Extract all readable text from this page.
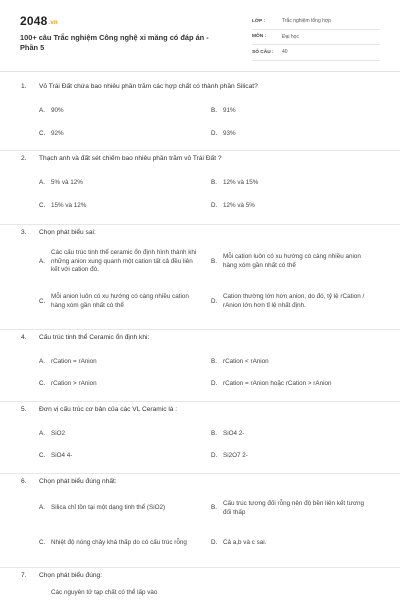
2048.vn
100+ câu Trắc nghiệm Công nghệ xi măng có đáp án - Phần 5
LỚP :	Trắc nghiệm tổng hợp
MÔN :	Đại học
SỐ CÂU :	40
1.	Vỏ Trái Đất chứa bao nhiêu phần trăm các hợp chất có thành phần Silicat?
A. 90%	B. 91%
C. 92%	D. 93%
2.	Thạch anh và đất sét chiếm bao nhiêu phần trăm vỏ Trái Đất ?
A. 5% và 12%	B. 12% và 15%
C. 15% và 12%	D. 12% và 5%
3.	Chọn phát biểu sai:
A.
Các cấu trúc tinh thể ceramic ổn định hình thành khi những anion xung quanh một cation tất cả đều liên kết với cation đó.
B.
Mỗi cation luôn có xu hướng có càng nhiều anion hàng xóm gần nhất có thể
C.
Mỗi anion luôn có xu hướng có càng nhiều cation hàng xóm gần nhất có thể
D.
Cation thường lớn hơn anion, do đó, tỷ lệ rCation / rAnion lớn hơn tỉ lệ nhất định.
4.	Cấu trúc tinh thể Ceramic ổn định khi:
A. rCation = rAnion	B. rCation < rAnion
C. rCation > rAnion	D. rCation = rAnion hoặc rCation > rAnion
5.	Đơn vị cấu trúc cơ bản của các VL Ceramic là :
A. SiO2	B. SiO4 2-
C. SiO4 4-	D. Si2O7 2-
6.	Chọn phát biểu đúng nhất:
A. Silica chỉ tồn tại một dạng tinh thể (SiO2)	B.
Cấu trúc tương đối rỗng nên độ bền liên kết tương đối thấp
C. Nhiệt độ nóng chảy khá thấp do có cấu trúc rỗng	D. Cả a,b và c sai.
7.	Chọn phát biểu đúng:
Các nguyên tử tạp chất có thể lấp vào
